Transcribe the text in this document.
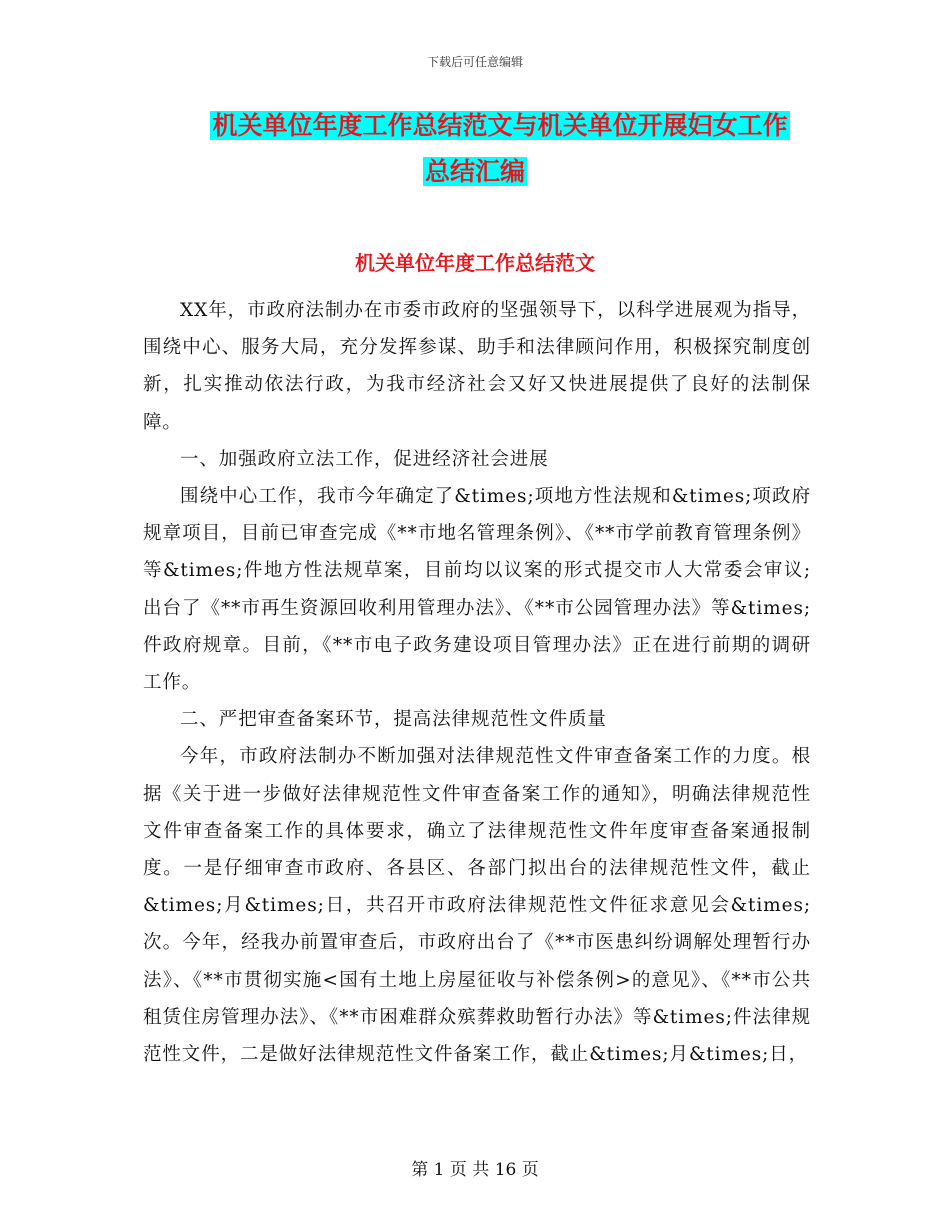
下载后可任意编辑
机关单位年度工作总结范文与机关单位开展妇女工作
总结汇编
机关单位年度工作总结范文

XX年，市政府法制办在市委市政府的坚强领导下，以科学进展观为指导，围绕中心、服务大局，充分发挥参谋、助手和法律顾问作用，积极探究制度创新，扎实推动依法行政，为我市经济社会又好又快进展提供了良好的法制保障。

一、加强政府立法工作，促进经济社会进展

围绕中心工作，我市今年确定了&times;项地方性法规和&times;项政府规章项目，目前已审查完成《**市地名管理条例》、《**市学前教育管理条例》等&times;件地方性法规草案，目前均以议案的形式提交市人大常委会审议;出台了《**市再生资源回收利用管理办法》、《**市公园管理办法》等&times;件政府规章。目前，《**市电子政务建设项目管理办法》正在进行前期的调研工作。

二、严把审查备案环节，提高法律规范性文件质量

今年，市政府法制办不断加强对法律规范性文件审查备案工作的力度。根据《关于进一步做好法律规范性文件审查备案工作的通知》，明确法律规范性文件审查备案工作的具体要求，确立了法律规范性文件年度审查备案通报制度。一是仔细审查市政府、各县区、各部门拟出台的法律规范性文件，截止&times;月&times;日，共召开市政府法律规范性文件征求意见会&times;次。今年，经我办前置审查后，市政府出台了《**市医患纠纷调解处理暂行办法》、《**市贯彻实施<国有土地上房屋征收与补偿条例>的意见》、《**市公共租赁住房管理办法》、《**市困难群众殡葬救助暂行办法》等&times;件法律规范性文件，二是做好法律规范性文件备案工作，截止&times;月&times;日，

第 1 页 共 16 页
